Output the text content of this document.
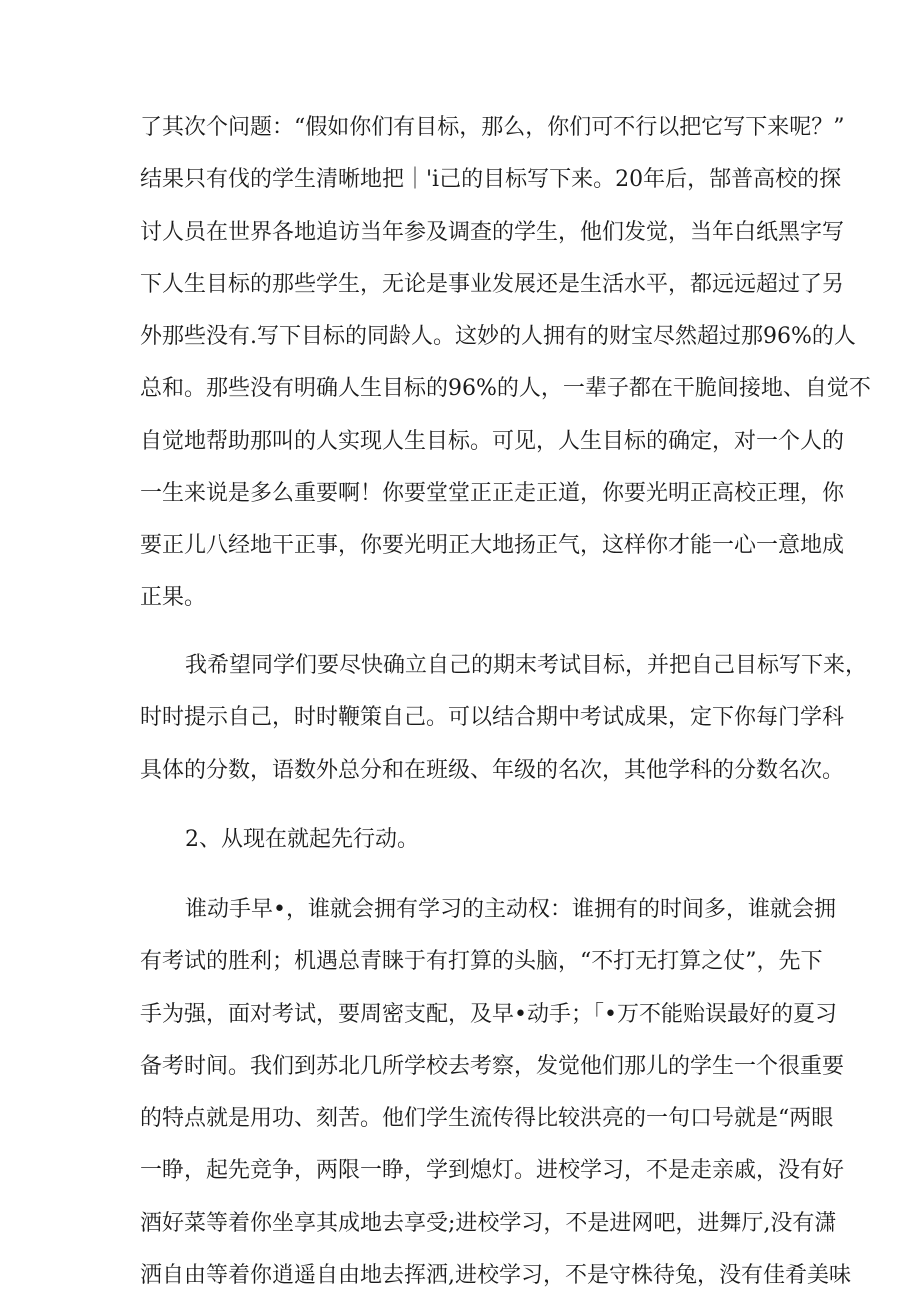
了其次个问题：“假如你们有目标，那么，你们可不行以把它写下来呢？”
结果只有伐的学生清晰地把｜'i己的目标写下来。20年后，郜普高校的探
讨人员在世界各地追访当年参及调查的学生，他们发觉，当年白纸黑字写
下人生目标的那些学生，无论是事业发展还是生活水平，都远远超过了另
外那些没有.写下目标的同龄人。这妙的人拥有的财宝尽然超过那96%的人
总和。那些没有明确人生目标的96%的人，一辈子都在干脆间接地、自觉不
自觉地帮助那叫的人实现人生目标。可见，人生目标的确定，对一个人的
一生来说是多么重要啊！你要堂堂正正走正道，你要光明正高校正理，你
要正儿八经地干正事，你要光明正大地扬正气，这样你才能一心一意地成
正果。
我希望同学们要尽快确立自己的期末考试目标，并把自己目标写下来，
时时提示自己，时时鞭策自己。可以结合期中考试成果，定下你每门学科
具体的分数，语数外总分和在班级、年级的名次，其他学科的分数名次。
2、从现在就起先行动。
谁动手早•，谁就会拥有学习的主动权：谁拥有的时间多，谁就会拥
有考试的胜利；机遇总青睐于有打算的头脑，“不打无打算之仗”，先下
手为强，面对考试，要周密支配，及早•动手；「•万不能贻误最好的夏习
备考时间。我们到苏北几所学校去考察，发觉他们那儿的学生一个很重要
的特点就是用功、刻苦。他们学生流传得比较洪亮的一句口号就是“两眼
一睁，起先竞争，两限一睁，学到熄灯。进校学习，不是走亲戚，没有好
酒好菜等着你坐享其成地去享受;进校学习，不是进网吧，进舞厅,没有潇
洒自由等着你逍遥自由地去挥洒,进校学习，不是守株待兔，没有佳肴美味
